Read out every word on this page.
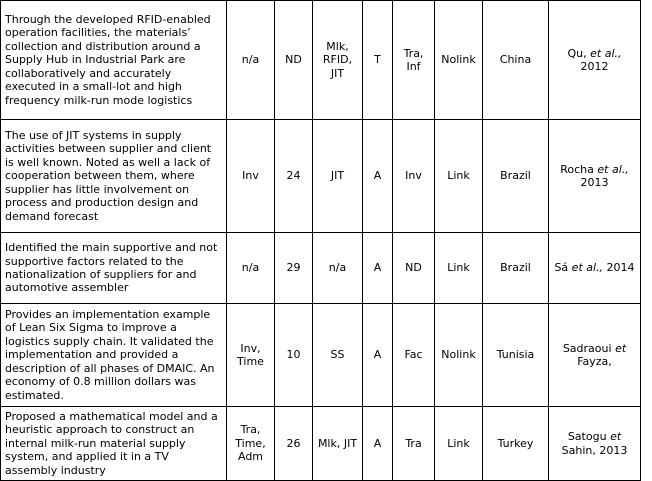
Through the developed RFID-enabled operation facilities, the materials’ collection and distribution around a Supply Hub in Industrial Park are collaboratively and accurately executed in a small-lot and high frequency milk-run mode logistics	n/a	ND	Mlk, RFID, JIT	T	Tra, Inf	Nolink	China	Qu, et al., 2012
The use of JIT systems in supply activities between supplier and client is well known. Noted as well a lack of cooperation between them, where supplier has little involvement on process and production design and demand forecast	Inv	24	JIT	A	Inv	Link	Brazil	Rocha et al., 2013
Identified the main supportive and not supportive factors related to the nationalization of suppliers for and automotive assembler	n/a	29	n/a	A	ND	Link	Brazil	Sá et al., 2014
Provides an implementation example of Lean Six Sigma to improve a logistics supply chain. It validated the implementation and provided a description of all phases of DMAIC. An economy of 0.8 million dollars was estimated.	Inv, Time	10	SS	A	Fac	Nolink	Tunisia	Sadraoui et Fayza,
Proposed a mathematical model and a heuristic approach to construct an internal milk-run material supply system, and applied it in a TV assembly industry	Tra, Time, Adm	26	Mlk, JIT	A	Tra	Link	Turkey	Satogu et Sahin, 2013
